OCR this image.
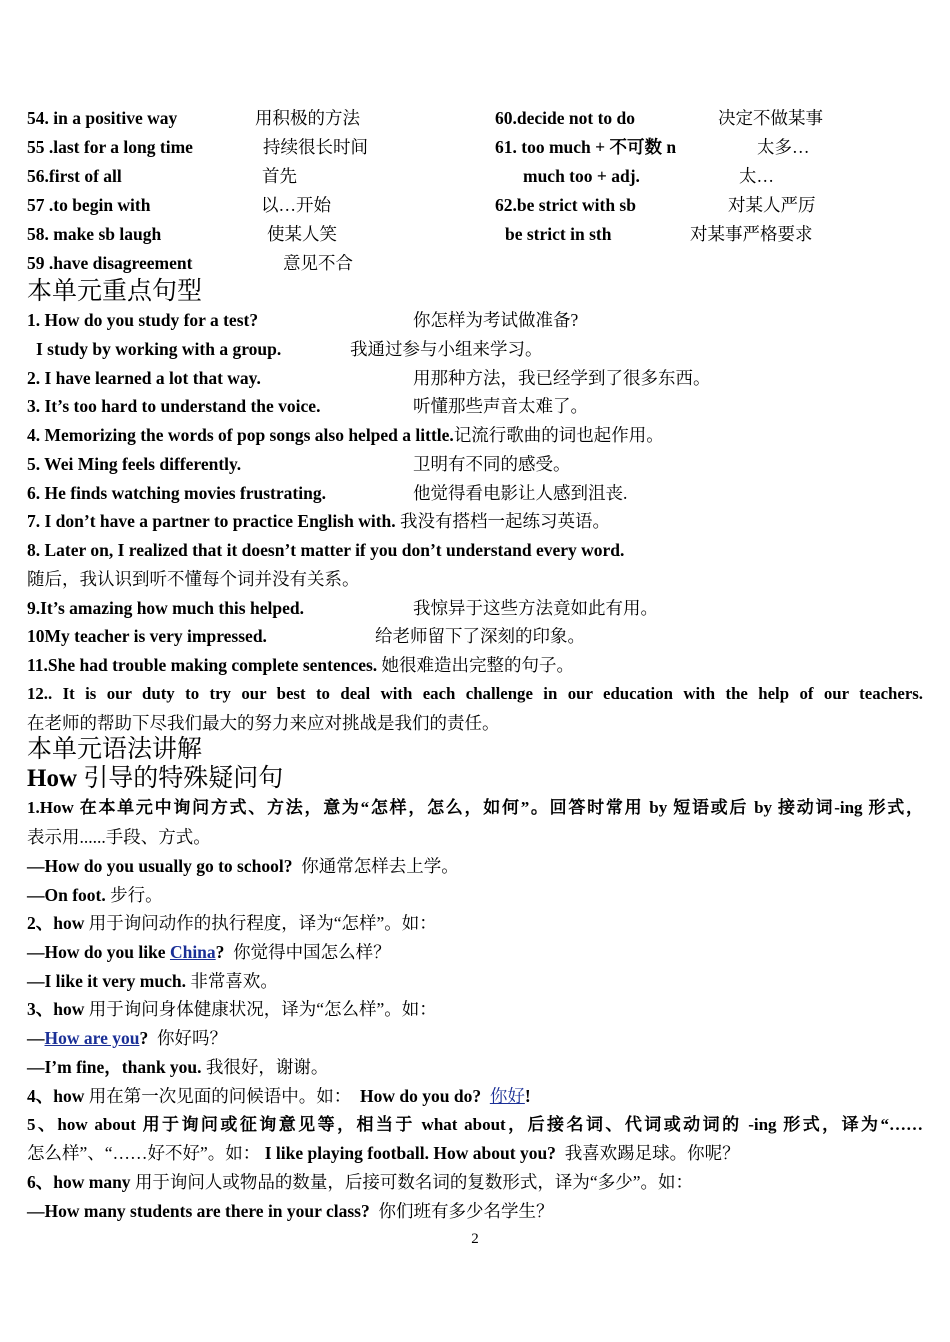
54. in a positive way	用积极的方法	60.decide not to do	决定不做某事
55 .last for a long time	持续很长时间	61. too much + 不可数 n	太多…
56.first of all	首先	much too + adj.	太…
57 .to begin with	以…开始	62.be strict with sb	对某人严厉
58. make sb laugh	使某人笑	be strict in sth	对某事严格要求
59 .have disagreement	意见不合
本单元重点句型
1. How do you study for a test?	你怎样为考试做准备?
I study by working with a group.	我通过参与小组来学习。
2. I have learned a lot that way.	用那种方法，我已经学到了很多东西。
3. It’s too hard to understand the voice.	听懂那些声音太难了。
4. Memorizing the words of pop songs also helped a little.记流行歌曲的词也起作用。
5. Wei Ming feels differently.	卫明有不同的感受。
6. He finds watching movies frustrating.	他觉得看电影让人感到沮丧.
7. I don’t have a partner to practice English with. 我没有搭档一起练习英语。
8. Later on, I realized that it doesn’t matter if you don’t understand every word.
随后，我认识到听不懂每个词并没有关系。
9.It’s amazing how much this helped.	我惊异于这些方法竟如此有用。
10My teacher is very impressed.	给老师留下了深刻的印象。
11.She had trouble making complete sentences. 她很难造出完整的句子。
12.. It is our duty to try our best to deal with each challenge in our education with the help of our teachers.
在老师的帮助下尽我们最大的努力来应对挑战是我们的责任。
本单元语法讲解
How 引导的特殊疑问句
1.How 在本单元中询问方式、方法，意为“怎样，怎么，如何”。回答时常用 by 短语或后 by 接动词-ing 形式，
表示用......手段、方式。
—How do you usually go to school? 你通常怎样去上学。
—On foot. 步行。
2、how 用于询问动作的执行程度，译为“怎样”。如：
—How do you like China? 你觉得中国怎么样？
—I like it very much. 非常喜欢。
3、how 用于询问身体健康状况，译为“怎么样”。如：
—How are you? 你好吗？
—I’m fine，thank you. 我很好，谢谢。
4、how 用在第一次见面的问候语中。如： How do you do? 你好!
5、how about 用于询问或征询意见等，相当于 what about，后接名词、代词或动词的 -ing 形式，译为“……
怎么样”、“……好不好”。如： I like playing football. How about you? 我喜欢踢足球。你呢？
6、how many 用于询问人或物品的数量，后接可数名词的复数形式，译为“多少”。如：
—How many students are there in your class? 你们班有多少名学生？
2
